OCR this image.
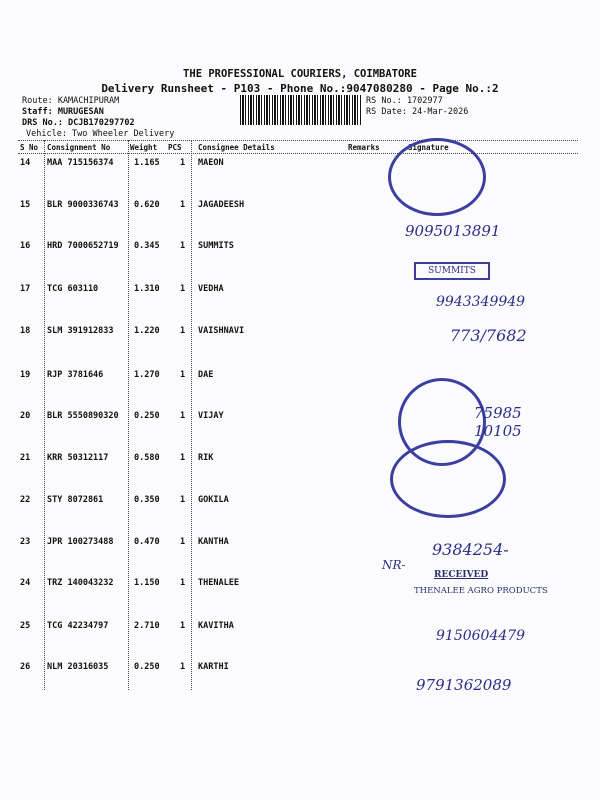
THE PROFESSIONAL COURIERS, COIMBATORE
Delivery Runsheet - P103 - Phone No.:9047080280 - Page No.:2
Route: KAMACHIPURAM
Staff: MURUGESAN
DRS No.: DCJB170297702
Vehicle: Two Wheeler Delivery
RS No.: 1702977
RS Date: 24-Mar-2026
S No Consignment No	Weight PCS Consignee Details	Remarks	Signature
14 MAA 715156374 1.165 1 MAEON
15 BLR 9000336743 0.620 1 JAGADEESH
16 HRD 7000652719 0.345 1 SUMMITS
17 TCG 603110	1.310 1 VEDHA
18 SLM 391912833 1.220 1 VAISHNAVI
19 RJP 3781646	1.270 1 DAE
20 BLR 5550890320 0.250 1 VIJAY
21 KRR 50312117	0.580 1 RIK
22 STY 8072861	0.350 1 GOKILA
23 JPR 100273488 0.470 1 KANTHA
24 TRZ 140043232 1.150 1 THENALEE
25 TCG 42234797	2.710 1 KAVITHA
26 NLM 20316035	0.250 1 KARTHI
9095013891
SUMMITS
9943349949
773/7682
75985 10105
NR-
9384254-
RECEIVED
THENALEE AGRO PRODUCTS
9150604479
9791362089
